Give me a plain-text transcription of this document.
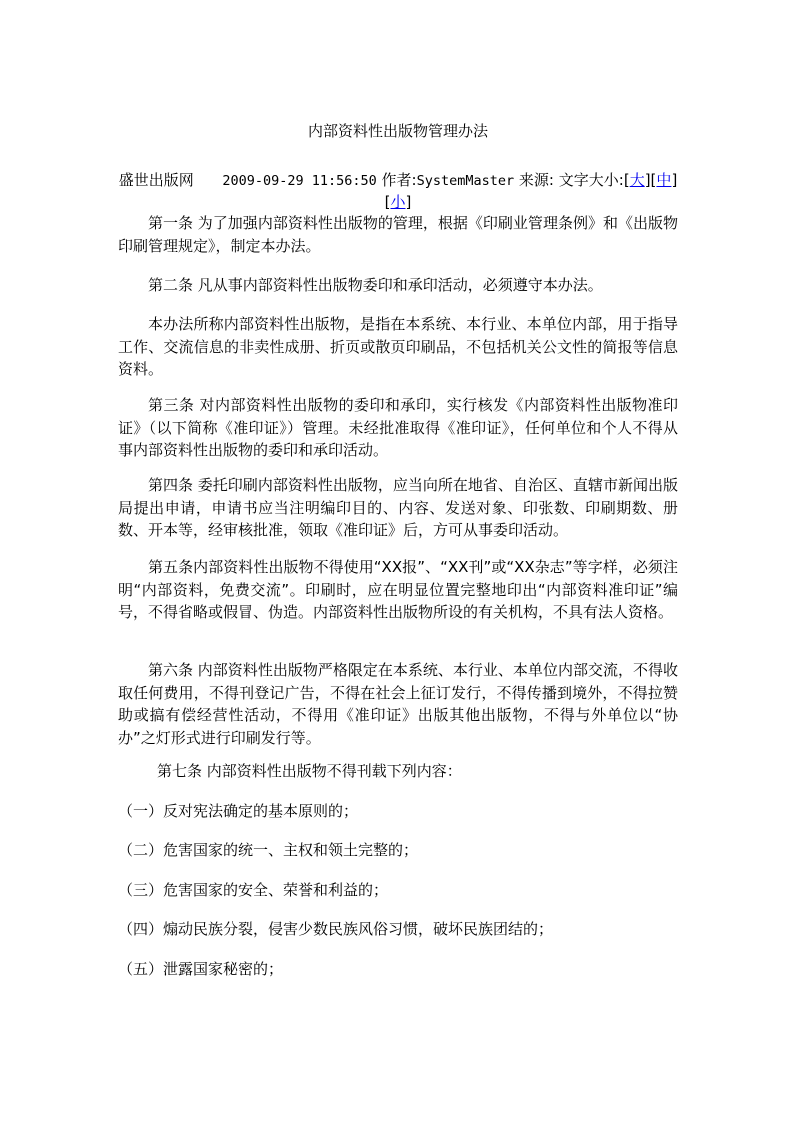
内部资料性出版物管理办法
盛世出版网 2009-09-29 11:56:50 作者:SystemMaster 来源: 文字大小:[大][中][小]

第一条 为了加强内部资料性出版物的管理，根据《印刷业管理条例》和《出版物印刷管理规定》，制定本办法。

第二条 凡从事内部资料性出版物委印和承印活动，必须遵守本办法。

本办法所称内部资料性出版物，是指在本系统、本行业、本单位内部，用于指导工作、交流信息的非卖性成册、折页或散页印刷品，不包括机关公文性的简报等信息资料。

第三条 对内部资料性出版物的委印和承印，实行核发《内部资料性出版物准印证》（以下简称《准印证》）管理。未经批准取得《准印证》，任何单位和个人不得从事内部资料性出版物的委印和承印活动。

第四条 委托印刷内部资料性出版物，应当向所在地省、自治区、直辖市新闻出版局提出申请，申请书应当注明编印目的、内容、发送对象、印张数、印刷期数、册数、开本等，经审核批准，领取《准印证》后，方可从事委印活动。

第五条内部资料性出版物不得使用“XX报”、“XX刊”或“XX杂志”等字样，必须注明“内部资料，免费交流”。印刷时，应在明显位置完整地印出“内部资料准印证”编号，不得省略或假冒、伪造。内部资料性出版物所设的有关机构，不具有法人资格。

第六条 内部资料性出版物严格限定在本系统、本行业、本单位内部交流，不得收取任何费用，不得刊登记广告，不得在社会上征订发行，不得传播到境外，不得拉赞助或搞有偿经营性活动，不得用《准印证》出版其他出版物，不得与外单位以“协办”之灯形式进行印刷发行等。

第七条 内部资料性出版物不得刊载下列内容：

（一）反对宪法确定的基本原则的；

（二）危害国家的统一、主权和领土完整的；

（三）危害国家的安全、荣誉和利益的；

（四）煽动民族分裂，侵害少数民族风俗习惯，破坏民族团结的；

（五）泄露国家秘密的；
